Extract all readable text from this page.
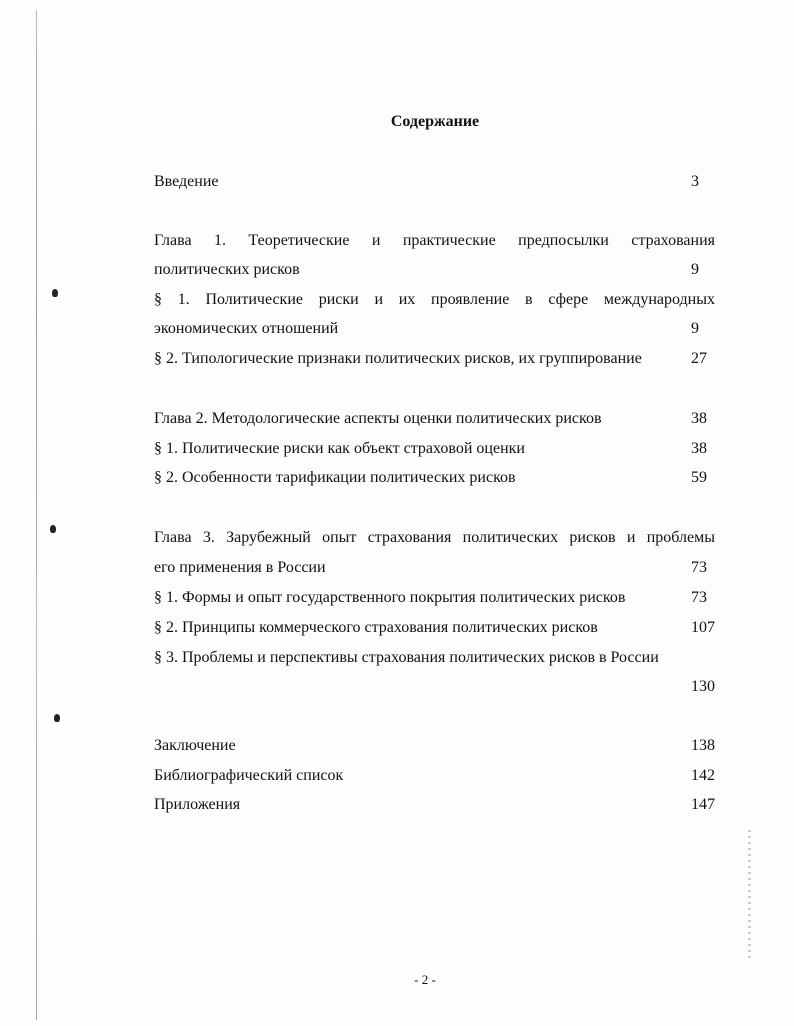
Содержание
Введение	3
Глава 1. Теоретические и практические предпосылки страхования
политических рисков	9
§ 1. Политические риски и их проявление в сфере международных
экономических отношений	9
§ 2. Типологические признаки политических рисков, их группирование	27
Глава 2. Методологические аспекты оценки политических рисков	38
§ 1. Политические риски как объект страховой оценки	38
§ 2. Особенности тарификации политических рисков	59
Глава 3. Зарубежный опыт страхования политических рисков и проблемы
его применения в России	73
§ 1. Формы и опыт государственного покрытия политических рисков	73
§ 2. Принципы коммерческого страхования политических рисков	107
§ 3. Проблемы и перспективы страхования политических рисков в России
130
Заключение	138
Библиографический список	142
Приложения	147
- 2 -
